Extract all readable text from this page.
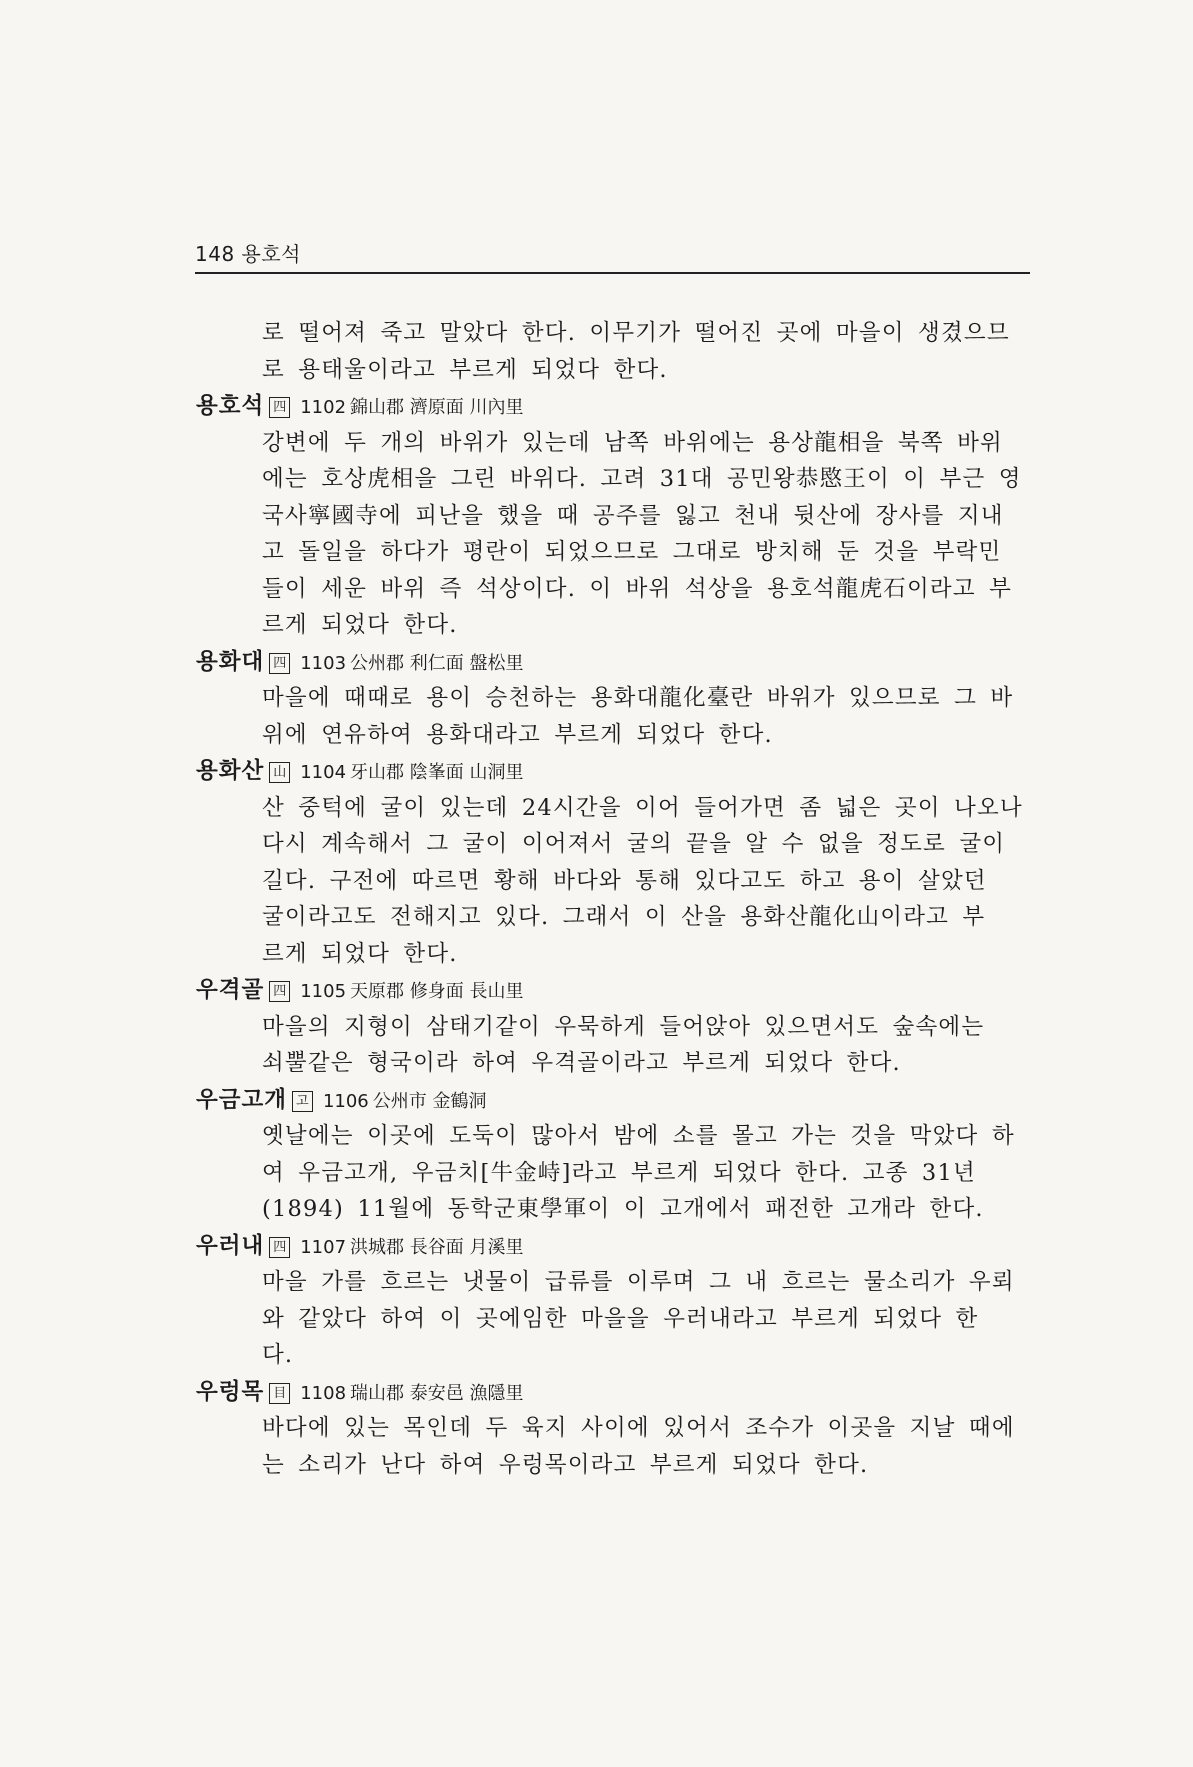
148 용호석
로 떨어져 죽고 말았다 한다. 이무기가 떨어진 곳에 마을이 생겼으므
로 용태울이라고 부르게 되었다 한다.
용호석 四 1102 錦山郡 濟原面 川內里
강변에 두 개의 바위가 있는데 남쪽 바위에는 용상龍相을 북쪽 바위
에는 호상虎相을 그린 바위다. 고려 31대 공민왕恭愍王이 이 부근 영
국사寧國寺에 피난을 했을 때 공주를 잃고 천내 뒷산에 장사를 지내
고 돌일을 하다가 평란이 되었으므로 그대로 방치해 둔 것을 부락민
들이 세운 바위 즉 석상이다. 이 바위 석상을 용호석龍虎石이라고 부
르게 되었다 한다.
용화대 四 1103 公州郡 利仁面 盤松里
마을에 때때로 용이 승천하는 용화대龍化臺란 바위가 있으므로 그 바
위에 연유하여 용화대라고 부르게 되었다 한다.
용화산 山 1104 牙山郡 陰峯面 山洞里
산 중턱에 굴이 있는데 24시간을 이어 들어가면 좀 넓은 곳이 나오나
다시 계속해서 그 굴이 이어져서 굴의 끝을 알 수 없을 정도로 굴이
길다. 구전에 따르면 황해 바다와 통해 있다고도 하고 용이 살았던
굴이라고도 전해지고 있다. 그래서 이 산을 용화산龍化山이라고 부
르게 되었다 한다.
우격골 四 1105 天原郡 修身面 長山里
마을의 지형이 삼태기같이 우묵하게 들어앉아 있으면서도 숲속에는
쇠뿔같은 형국이라 하여 우격골이라고 부르게 되었다 한다.
우금고개 고 1106 公州市 金鶴洞
옛날에는 이곳에 도둑이 많아서 밤에 소를 몰고 가는 것을 막았다 하
여 우금고개, 우금치[牛金峙]라고 부르게 되었다 한다. 고종 31년
(1894) 11월에 동학군東學軍이 이 고개에서 패전한 고개라 한다.
우러내 四 1107 洪城郡 長谷面 月溪里
마을 가를 흐르는 냇물이 급류를 이루며 그 내 흐르는 물소리가 우뢰
와 같았다 하여 이 곳에임한 마을을 우러내라고 부르게 되었다 한
다.
우렁목 目 1108 瑞山郡 泰安邑 漁隱里
바다에 있는 목인데 두 육지 사이에 있어서 조수가 이곳을 지날 때에
는 소리가 난다 하여 우렁목이라고 부르게 되었다 한다.
